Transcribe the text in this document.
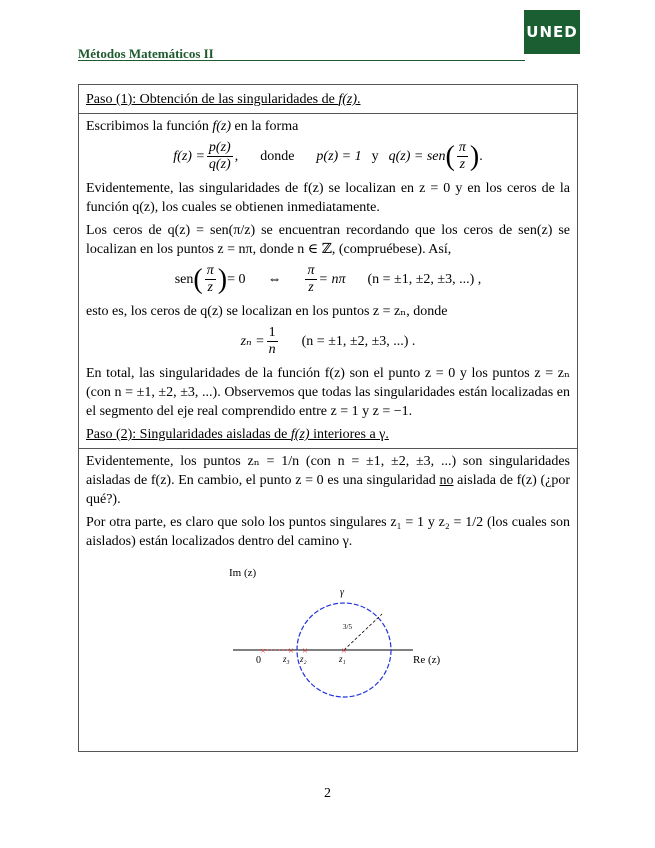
Métodos Matemáticos II
UNED

Paso (1): Obtención de las singularidades de f(z).

Escribimos la función f(z) en la forma

$f(z) = \frac{p(z)}{q(z)}$ , donde p(z) = 1 y q(z) = sen ( $\frac{\pi}{z}$ ) .

Evidentemente, las singularidades de f(z) se localizan en z = 0 y en los ceros de la función q(z), los cuales se obtienen inmediatamente.

Los ceros de q(z) = sen(π/z) se encuentran recordando que los ceros de sen(z) se localizan en los puntos z = nπ, donde n ∈ ℤ, (compruébese). Así,

sen ( $\frac{\pi}{z}$ ) = 0 ⇔ $\frac{\pi}{z} = n\pi$ (n = ±1, ±2, ±3, ...) ,

esto es, los ceros de q(z) se localizan en los puntos z = zₙ, donde

$z_n = \frac{1}{n} (n = \pm 1$, ±2, ±3, ...) .

En total, las singularidades de la función f(z) son el punto z = 0 y los puntos z = zₙ (con n = ±1, ±2, ±3, ...). Observemos que todas las singularidades están localizadas en el segmento del eje real comprendido entre z = 1 y z = −1.

Paso (2): Singularidades aisladas de f(z) interiores a γ.

Evidentemente, los puntos zₙ = 1/n (con n = ±1, ±2, ±3, ...) son singularidades aisladas de f(z). En cambio, el punto z = 0 es una singularidad no aislada de f(z) (¿por qué?).

Por otra parte, es claro que solo los puntos singulares z₁ = 1 y z₂ = 1/2 (los cuales son aislados) están localizados dentro del camino γ.

Im (z)
3/5
γ
×
×
×
×
0 z₃ z₂	z₁	Re (z)
2
